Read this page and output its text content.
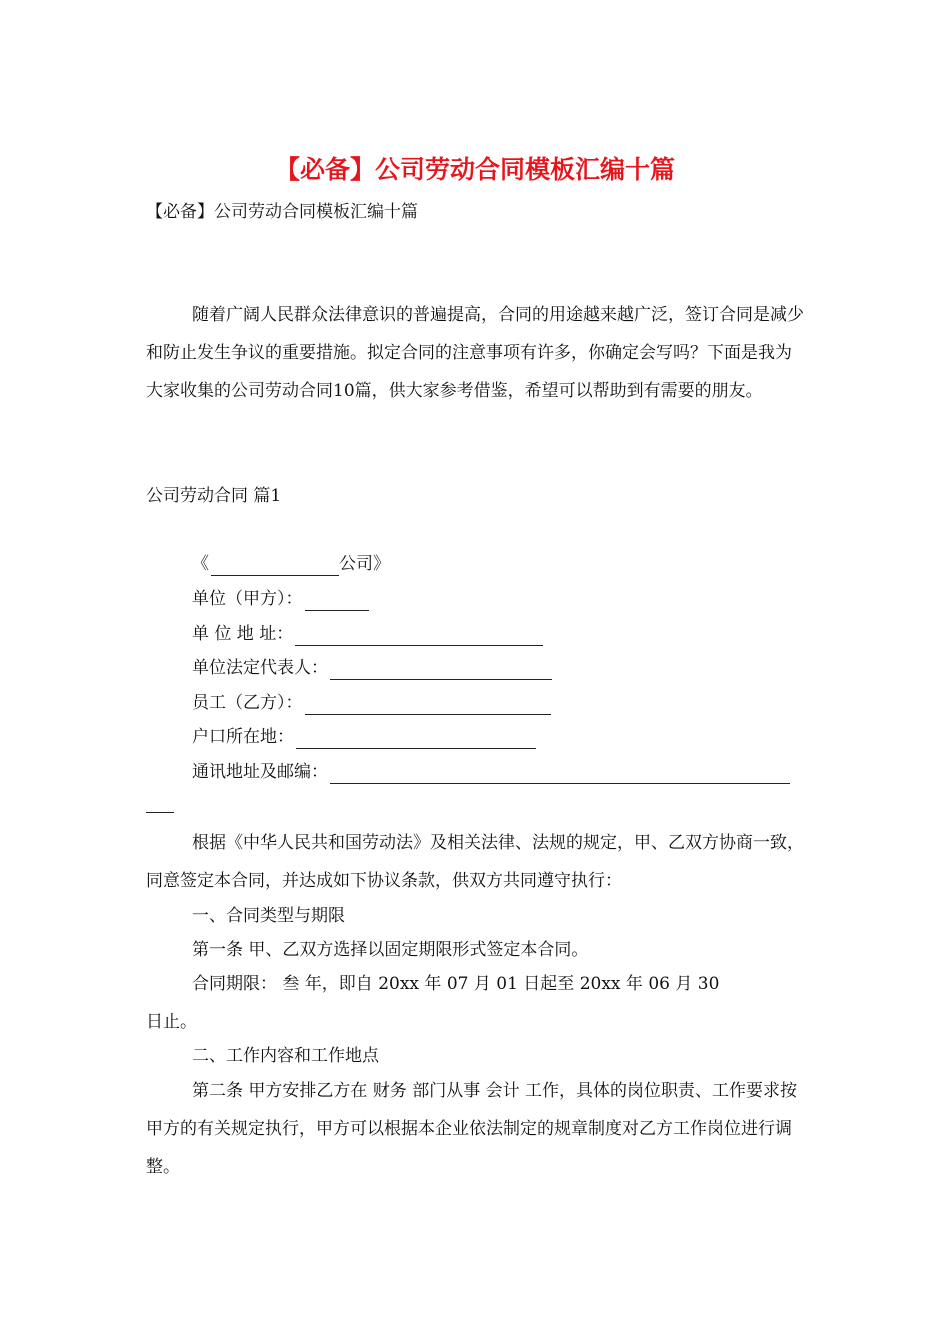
【必备】公司劳动合同模板汇编十篇
【必备】公司劳动合同模板汇编十篇
随着广阔人民群众法律意识的普遍提高，合同的用途越来越广泛，签订合同是减少和防止发生争议的重要措施。拟定合同的注意事项有许多，你确定会写吗？下面是我为大家收集的公司劳动合同10篇，供大家参考借鉴，希望可以帮助到有需要的朋友。
公司劳动合同 篇1
《	公司》
单位（甲方）：
单 位 地 址：
单位法定代表人：
员工（乙方）：
户口所在地：
通讯地址及邮编：
根据《中华人民共和国劳动法》及相关法律、法规的规定，甲、乙双方协商一致，同意签定本合同，并达成如下协议条款，供双方共同遵守执行：
一、合同类型与期限
第一条 甲、乙双方选择以固定期限形式签定本合同。
合同期限： 叁 年，即自 20xx 年 07 月 01 日起至 20xx 年 06 月 30
日止。
二、工作内容和工作地点
第二条 甲方安排乙方在 财务 部门从事 会计 工作，具体的岗位职责、工作要求按甲方的有关规定执行，甲方可以根据本企业依法制定的规章制度对乙方工作岗位进行调整。
